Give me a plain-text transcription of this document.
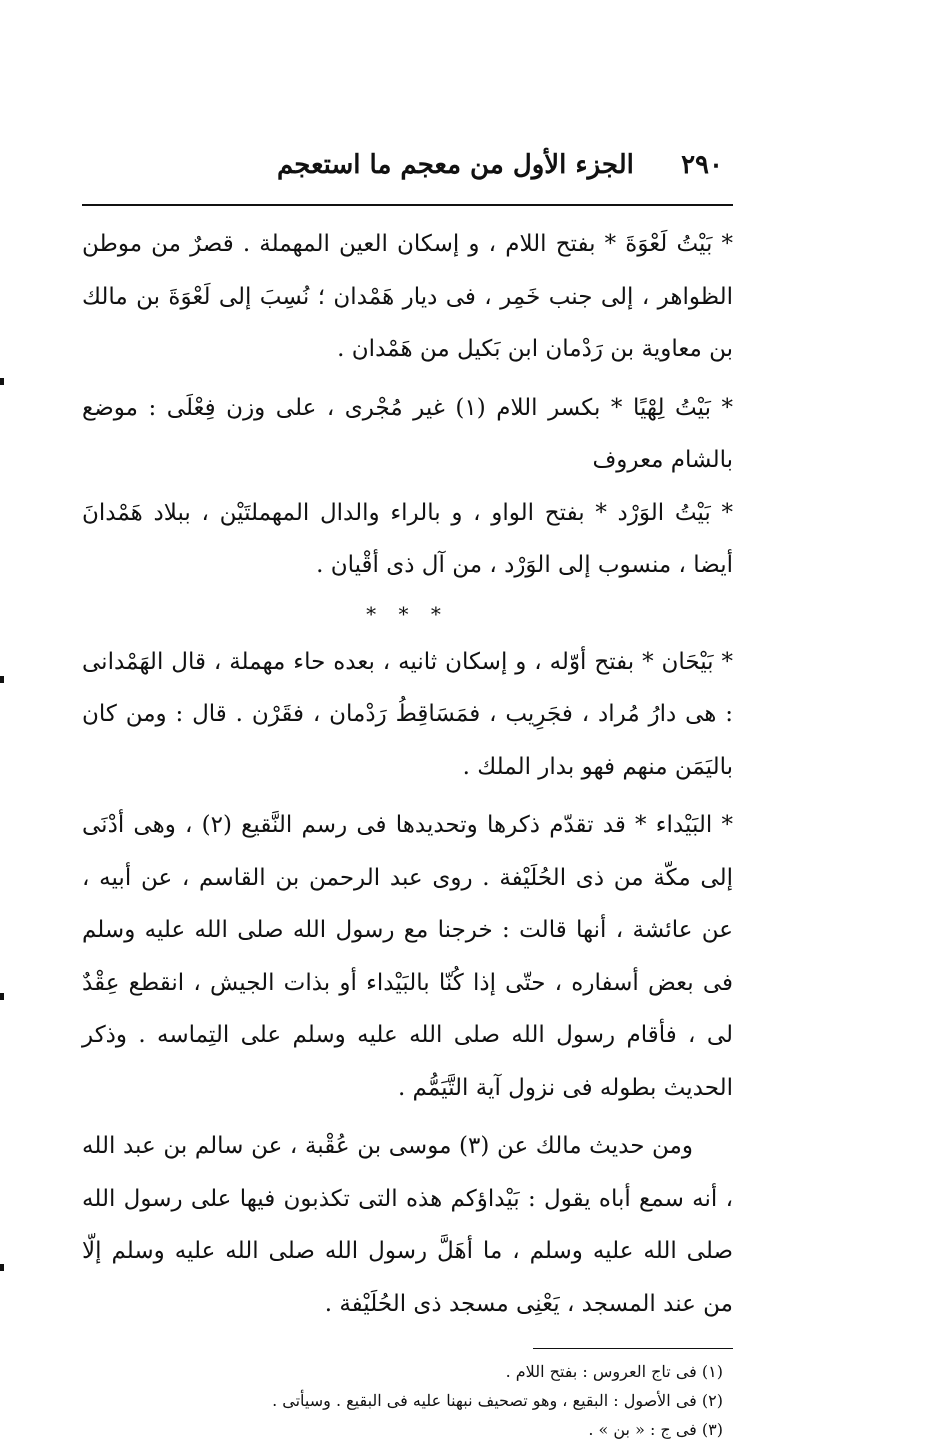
٢٩٠
الجزء الأول من معجم ما استعجم

* بَيْتُ لَعْوَةَ * بفتح اللام ، و إسكان العين المهملة . قصرٌ من موطن الظواهر ، إلى جنب خَمِر ، فى ديار هَمْدان ؛ نُسِبَ إلى لَعْوَةَ بن مالك بن معاوية بن رَدْمان ابن بَكيل من هَمْدان .

* بَيْتُ لِهْيًا * بكسر اللام (١) غير مُجْرى ، على وزن فِعْلَى : موضع بالشام معروف

* بَيْتُ الوَرْد * بفتح الواو ، و بالراء والدال المهملتَيْن ، ببلاد هَمْدانَ أيضا ، منسوب إلى الوَرْد ، من آل ذى أقْيان .

* * *

* بَيْحَان * بفتح أوّله ، و إسكان ثانيه ، بعده حاء مهملة ، قال الهَمْدانى : هى دارُ مُراد ، فجَرِيب ، فمَسَاقِطُ رَدْمان ، فقَرْن . قال : ومن كان باليَمَن منهم فهو بدار الملك .

* البَيْداء * قد تقدّم ذكرها وتحديدها فى رسم النَّقيع (٢) ، وهى أدْنَى إلى مكّة من ذى الحُلَيْفة . روى عبد الرحمن بن القاسم ، عن أبيه ، عن عائشة ، أنها قالت : خرجنا مع رسول الله صلى الله عليه وسلم فى بعض أسفاره ، حتّى إذا كُنّا بالبَيْداء أو بذات الجيش ، انقطع عِقْدٌ لى ، فأقام رسول الله صلى الله عليه وسلم على التِماسه . وذكر الحديث بطوله فى نزول آية التَّيَمُّم .

ومن حديث مالك عن (٣) موسى بن عُقْبة ، عن سالم بن عبد الله ، أنه سمع أباه يقول : بَيْداؤكم هذه التى تكذبون فيها على رسول الله صلى الله عليه وسلم ، ما أهَلَّ رسول الله صلى الله عليه وسلم إلّا من عند المسجد ، يَعْنِى مسجد ذى الحُلَيْفة .

(١) فى تاج العروس : بفتح اللام .

(٢) فى الأصول : البقيع ، وهو تصحيف نبهنا عليه فى البقيع . وسيأتى .

(٣) فى ج : « بن » .
